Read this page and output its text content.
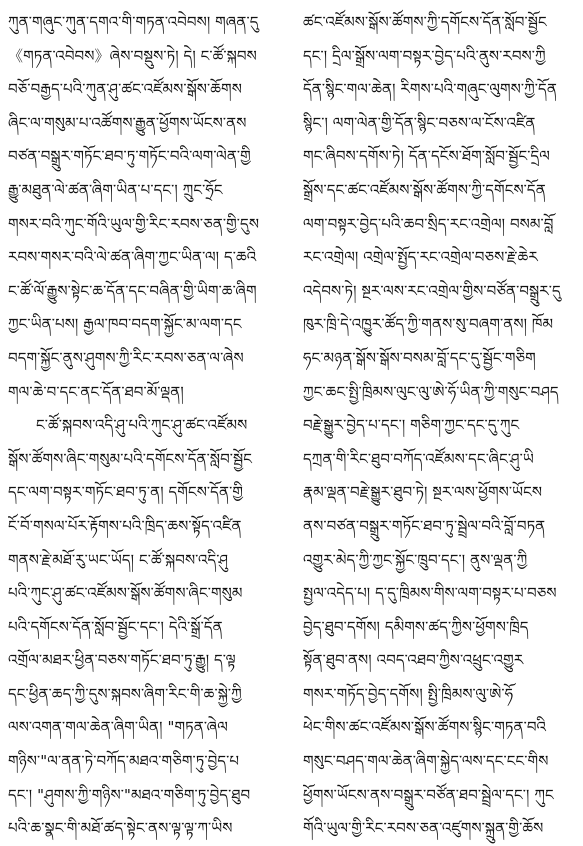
ཀུན་གཞུང་ཀུན་དགའ་གི་གཏན་འབེབས། གཞན་དུ
《གཏན་འབེབས》ཞེས་བསྡུས་ཏེ། དེ། ང་ཚོ་སྐབས
བཅོ་བརྒྱད་པའི་ཀུན་ཤུ་ཚང་འཛོམས་སྒོས་ཆོགས
ཞིང་ལ་གསུམ་པ་འཚོགས་རྒྱུན་ཕྱོགས་ཡོངས་ནས
བཙན་བསྒྲུར་གཏོང་ཐབ་ཏུ་གཏོང་བའི་ལག་ལེན་གྱི
རྒྱུ་མཐུན་ལེ་ཚན་ཞིག་ཡིན་པ་དང་། ཀྲུང་ཧྲོང
གསར་བའི་ཀུང་གོའི་ཡུལ་གྱི་རིང་རབས་ཅན་གྱི་དུས
རབས་གསར་བའི་ལེ་ཚན་ཞིག་ཀྱང་ཡིན་ལ། ད་ཆའི
ང་ཚོ་ལོ་རྒྱུས་སྟེང་ཆ་དོན་དང་བཞིན་གྱི་ཡིག་ཆ་ཞིག
ཀྱང་ཡིན་པས། རྒྱལ་ཁབ་བདག་སྐྱོང་མ་ལག་དང
བདག་སྐྱོང་ནུས་ཤུགས་ཀྱི་རིང་རབས་ཅན་ལ་ཞེས
གལ་ཆེ་བ་དང་ནང་དོན་ཐབ་མོ་ལྡན།
ང་ཚོ་སྐབས་འདི་ཤུ་པའི་ཀུང་ཤུ་ཚང་འཛོམས
སྒོས་ཚོགས་ཞིང་གསུམ་པའི་དགོངས་དོན་སློབ་སྦྱོང
དང་ལག་བསྟར་གཏོང་ཐབ་ཏུ་ན། དགོངས་དོན་གྱི
ངོ་བོ་གསལ་པོར་རྟོགས་པའི་ཁྲིད་ཆས་སྟོད་འཛིན
གནས་རྗེ་མཐོ་རུ་ཡང་ཡོད། ང་ཚོ་སྐབས་འདི་ཤུ
པའི་ཀུང་ཤུ་ཚང་འཛོམས་སྒོས་ཚོགས་ཞིང་གསུམ
པའི་དགོངས་དོན་སློབ་སྦྱོང་དང་། དེའི་སྒྲོ་དོན
འགྲོལ་མཐར་ཕྱིན་བཅས་གཏོང་ཐབ་ཏུ་རྒྱུ། ད་ལྟ
དང་ཕྱིན་ཆད་ཀྱི་དུས་སྐབས་ཞིག་རིང་གི་ཆ་སྐྱེ་ཀྱི
ལས་འགན་གལ་ཆེན་ཞིག་ཡིན། "གཏན་ཞེལ
གཉིས་"ལ་ནན་ཏེ་བཀོད་མཐའ་གཅིག་ཏུ་བྱེད་པ
དང་། "ཤུགས་ཀྱི་གཉིས་"མཐའ་གཅིག་ཏུ་བྱེད་ཐུབ
པའི་ཆ་སྣང་གི་མཐོ་ཚད་སྟེང་ནས་ལྟ་ལྟ་ཀ་ཡིས
ཚང་འཛོམས་སྒོས་ཚོགས་ཀྱི་དགོངས་དོན་སློབ་སྦྱོང
དང་། དྲིལ་སྒྲོས་ལག་བསྟར་བྱེད་པའི་ནུས་རབས་ཀྱི
དོན་སྙིང་གལ་ཆེན། རིགས་པའི་གཞུང་ལུགས་ཀྱི་དོན
སྙིང་། ལག་ལེན་གྱི་དོན་སྙིང་བཅས་ལ་ངོས་འཛིན
གང་ཞིབས་དགོས་ཏེ། དོན་དངོས་ཐོག་སློབ་སྦྱོང་དྲིལ
སྒྲོས་དང་ཚང་འཛོམས་སྒོས་ཚོགས་ཀྱི་དགོངས་དོན
ལག་བསྟར་བྱེད་པའི་ཆབ་སྲིད་རང་འགྲེལ། བསམ་བློ
རང་འགྲེལ། འགྲེལ་སྤྱོད་རང་འགྲེལ་བཅས་རྗེ་ཆེར
འདེབས་ཏེ། སྔར་ལས་རང་འགྲེལ་གྱིས་བཙོན་བསྒྲུར་དུ
ཁུར་ཁྲི་དེ་འཁྱུར་ཚོད་ཀྱི་གནས་སུ་བཞག་ནས། ཁོམ
ཧང་མཉན་སྒོས་སྒོས་བསམ་བློ་དང་དུ་སྦྱོང་གཅིག
ཀྱང་ཆང་སྤྱི་ཁྲིམས་ལུང་ལུ་ཨེ་ཧོ་ཡིན་ཀྱི་གསུང་བཤད
བརྗེ་སྒྱུར་བྱེད་པ་དང་། གཅིག་ཀྱང་དང་དུ་ཀུང
དཀྲན་གི་རིང་ཐུབ་བཀོད་འཛོམས་དང་ཞིང་ཤུ་ཡི
རྣམ་ལྡན་བརྗེ་སྒྱུར་ཐུབ་ཏེ། སྔར་ལས་ཕྱོགས་ཡོངས
ནས་བཙན་བསྒྲུར་གཏོང་ཐབ་ཏུ་སྦྲེལ་བའི་བློ་བཏན
འགྱུར་མེད་ཀྱི་ཀྱང་སྐྱོང་ཁྲུབ་དང་། ནུས་ལྡན་ཀྱི
སྤྱལ་འདེད་པ། ད་དུ་ཁྲིམས་གིས་ལག་བསྟར་པ་བཅས
བྱེད་ཐུབ་དགོས། དམིགས་ཚད་ཀྱིས་ཕྱོགས་ཁྲིད
སྟོན་ཐུབ་ནས། འབད་འཐབ་ཀྱིས་འཕྲུང་འགྱུར
གསར་གཏོད་བྱེད་དགོས། སྤྱི་ཁྲིམས་ལུ་ཨེ་ཧོ
ཕེང་གིས་ཚང་འཛོམས་སྒོས་ཚོགས་སྙིང་གཏན་བའི
གསུང་བཤད་གལ་ཆེན་ཞིག་སྐྱེད་ལས་དང་ངང་གིས
ཕྱོགས་ཡོངས་ནས་བསྒྲུར་བཙོན་ཐབ་སྦྲེལ་དང་། ཀུང
གོའི་ཡུལ་གྱི་རིང་རབས་ཅན་འཛུགས་སྐྲུན་གྱི་ཆོས
